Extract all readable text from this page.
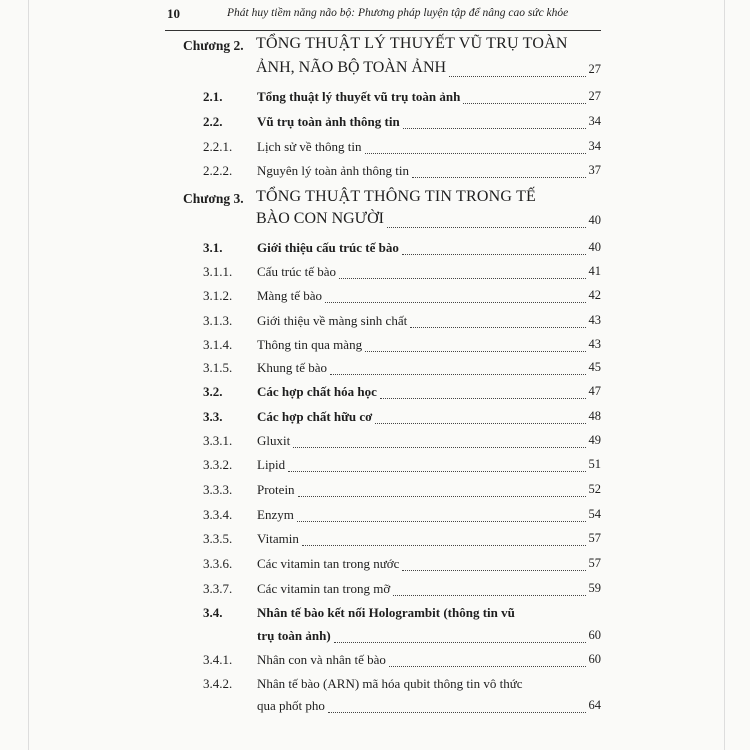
10	Phát huy tiềm năng não bộ: Phương pháp luyện tập để nâng cao sức khỏe
Chương 2. TỔNG THUẬT LÝ THUYẾT VŨ TRỤ TOÀN
ẢNH, NÃO BỘ TOÀN ẢNH	27
2.1.	Tổng thuật lý thuyết vũ trụ toàn ảnh	27
2.2.	Vũ trụ toàn ảnh thông tin	34
2.2.1. Lịch sử về thông tin	34
2.2.2. Nguyên lý toàn ảnh thông tin	37
Chương 3. TỔNG THUẬT THÔNG TIN TRONG TẾ
BÀO CON NGƯỜI	40
3.1.	Giới thiệu cấu trúc tế bào	40
3.1.1. Cấu trúc tế bào	41
3.1.2. Màng tế bào	42
3.1.3. Giới thiệu về màng sinh chất	43
3.1.4. Thông tin qua màng	43
3.1.5. Khung tế bào	45
3.2.	Các hợp chất hóa học	47
3.3.	Các hợp chất hữu cơ	48
3.3.1. Gluxit	49
3.3.2. Lipid	51
3.3.3. Protein	52
3.3.4. Enzym	54
3.3.5. Vitamin	57
3.3.6. Các vitamin tan trong nước	57
3.3.7. Các vitamin tan trong mỡ	59
3.4.	Nhân tế bào kết nối Hologrambit (thông tin vũ
trụ toàn ảnh)	60
3.4.1. Nhân con và nhân tế bào	60
3.4.2. Nhân tế bào (ARN) mã hóa qubit thông tin vô thức
qua phốt pho	64
